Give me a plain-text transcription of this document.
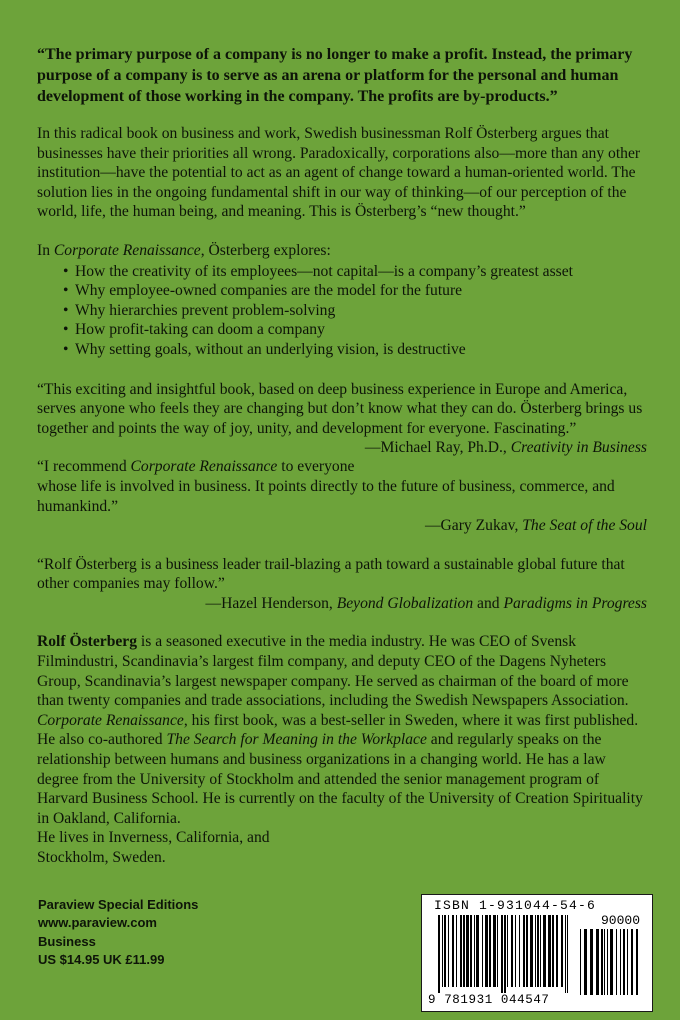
“The primary purpose of a company is no longer to make a profit. Instead, the primary purpose of a company is to serve as an arena or platform for the personal and human development of those working in the company. The profits are by-products.”

In this radical book on business and work, Swedish businessman Rolf Österberg argues that businesses have their priorities all wrong. Paradoxically, corporations also—more than any other institution—have the potential to act as an agent of change toward a human-oriented world. The solution lies in the ongoing fundamental shift in our way of thinking—of our perception of the world, life, the human being, and meaning. This is Österberg’s “new thought.”

In Corporate Renaissance, Österberg explores:

• How the creativity of its employees—not capital—is a company’s greatest asset
• Why employee-owned companies are the model for the future
• Why hierarchies prevent problem-solving
• How profit-taking can doom a company
• Why setting goals, without an underlying vision, is destructive

“This exciting and insightful book, based on deep business experience in Europe and America, serves anyone who feels they are changing but don’t know what they can do. Österberg brings us together and points the way of joy, unity, and development for everyone. Fascinating.”
—Michael Ray, Ph.D., Creativity in Business

“I recommend Corporate Renaissance to everyone whose life is involved in business. It points directly to the future of business, commerce, and humankind.”

—Gary Zukav, The Seat of the Soul

“Rolf Österberg is a business leader trail-blazing a path toward a sustainable global future that other companies may follow.”

—Hazel Henderson, Beyond Globalization and Paradigms in Progress

Rolf Österberg is a seasoned executive in the media industry. He was CEO of Svensk Filmindustri, Scandinavia’s largest film company, and deputy CEO of the Dagens Nyheters Group, Scandinavia’s largest newspaper company. He served as chairman of the board of more than twenty companies and trade associations, including the Swedish Newspapers Association. Corporate Renaissance, his first book, was a best-seller in Sweden, where it was first published. He also co-authored The Search for Meaning in the Workplace and regularly speaks on the relationship between humans and business organizations in a changing world. He has a law degree from the University of Stockholm and attended the senior management program of Harvard Business School. He is currently on the faculty of the University of Creation Spirituality in Oakland, California.

He lives in Inverness, California, and
Stockholm, Sweden.
Paraview Special Editions
www.paraview.com
Business
US $14.95 UK £11.99
ISBN 1-931044-54-6
90000
9 781931 044547
